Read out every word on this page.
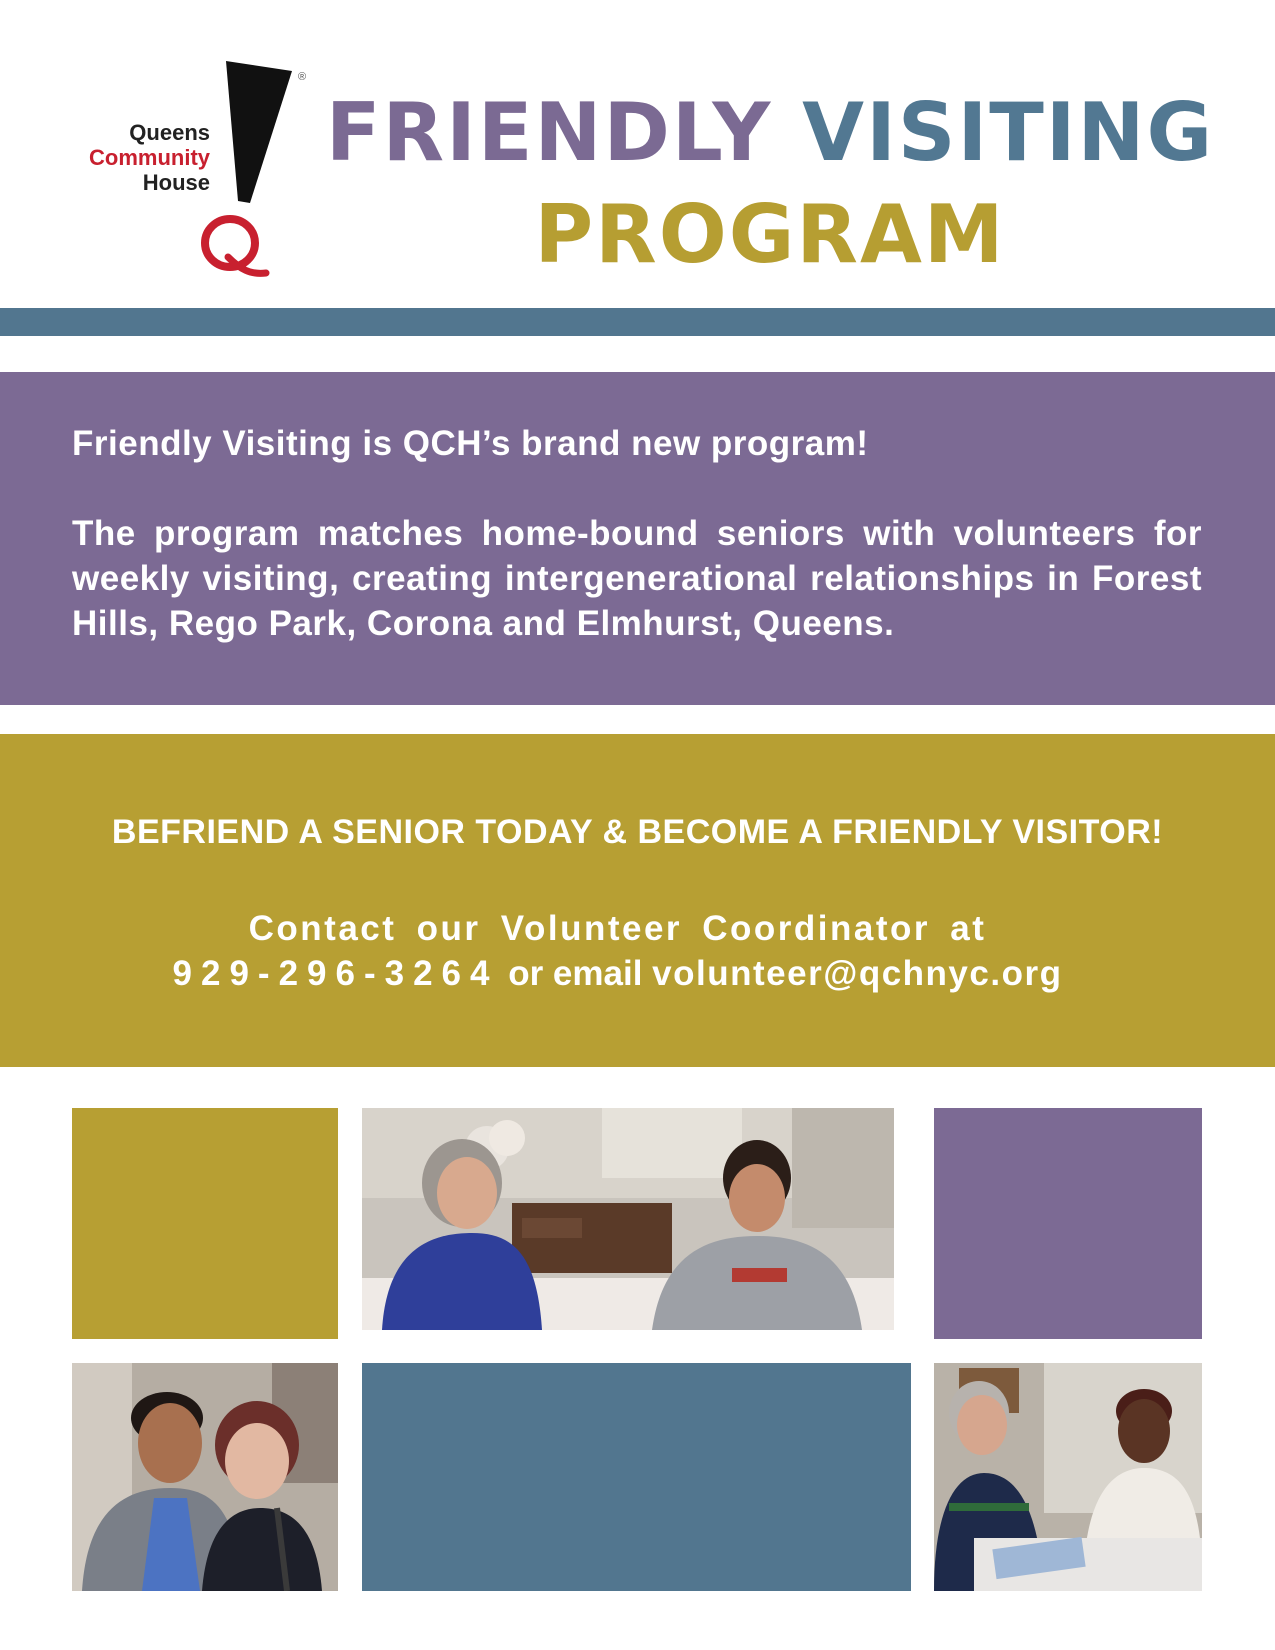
Queens
Community
House
®
FRIENDLY VISITING
PROGRAM
Friendly Visiting is QCH’s brand new program!
The program matches home-bound seniors with volunteers for weekly visiting, creating intergenerational relationships in Forest Hills, Rego Park, Corona and Elmhurst, Queens.
BEFRIEND A SENIOR TODAY & BECOME A FRIENDLY VISITOR!
Contact our Volunteer Coordinator at
929-296-3264 or email volunteer@qchnyc.org
